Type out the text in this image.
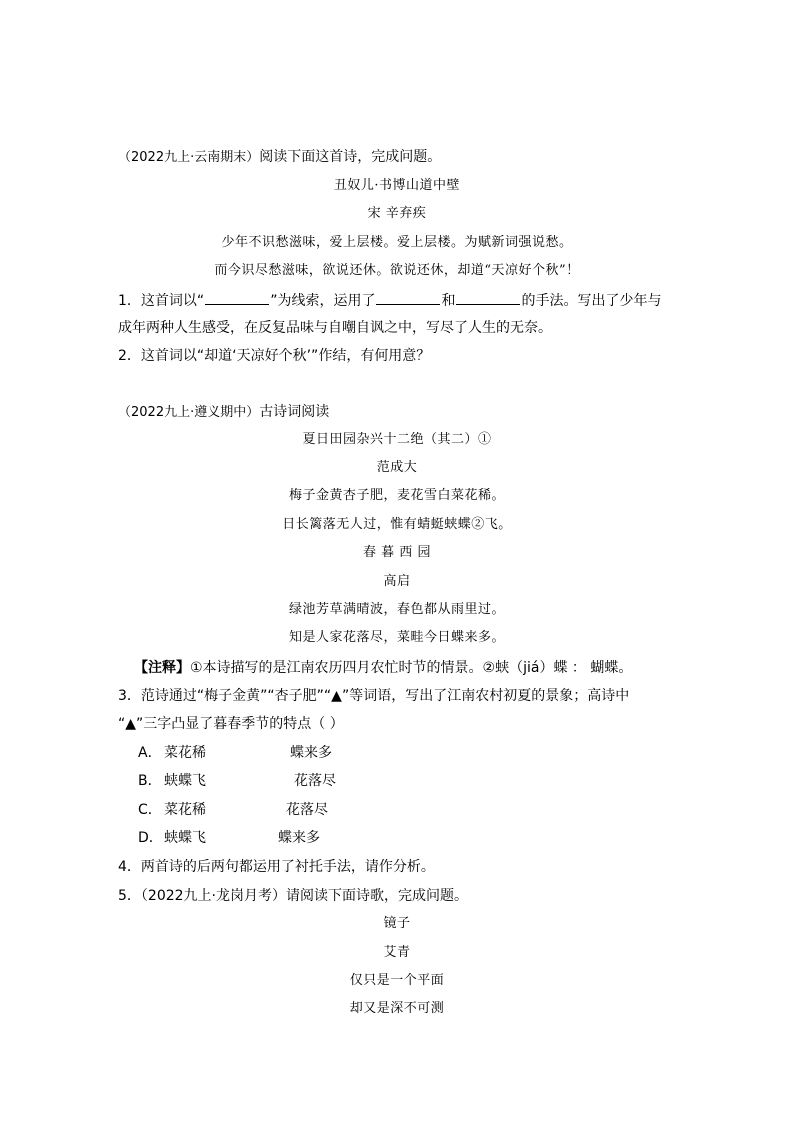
（2022九上·云南期末）阅读下面这首诗，完成问题。
丑奴儿·书博山道中壁
宋 辛弃疾
少年不识愁滋味，爱上层楼。爱上层楼。为赋新词强说愁。
而今识尽愁滋味，欲说还休。欲说还休，却道“天凉好个秋”！
1．这首词以“	”为线索，运用了	和	的手法。写出了少年与
成年两种人生感受，在反复品味与自嘲自讽之中，写尽了人生的无奈。
2．这首词以“却道‘天凉好个秋’”作结，有何用意？
（2022九上·遵义期中）古诗词阅读
夏日田园杂兴十二绝（其二）①
范成大
梅子金黄杏子肥，麦花雪白菜花稀。
日长篱落无人过，惟有蜻蜓蛱蝶②飞。
春 暮 西 园
高启
绿池芳草满晴波，春色都从雨里过。
知是人家花落尽，菜畦今日蝶来多。
【注释】①本诗描写的是江南农历四月农忙时节的情景。②蛱（jiá）蝶 ： 蝴蝶。
3．范诗通过“梅子金黄”“杏子肥”“▲”等词语，写出了江南农村初夏的景象；高诗中
“▲”三字凸显了暮春季节的特点（ ）
A． 菜花稀	蝶来多
B． 蛱蝶飞	花落尽
C． 菜花稀	花落尽
D．蛱蝶飞	蝶来多
4．两首诗的后两句都运用了衬托手法，请作分析。
5．（2022九上·龙岗月考）请阅读下面诗歌，完成问题。
镜子
艾青
仅只是一个平面
却又是深不可测
